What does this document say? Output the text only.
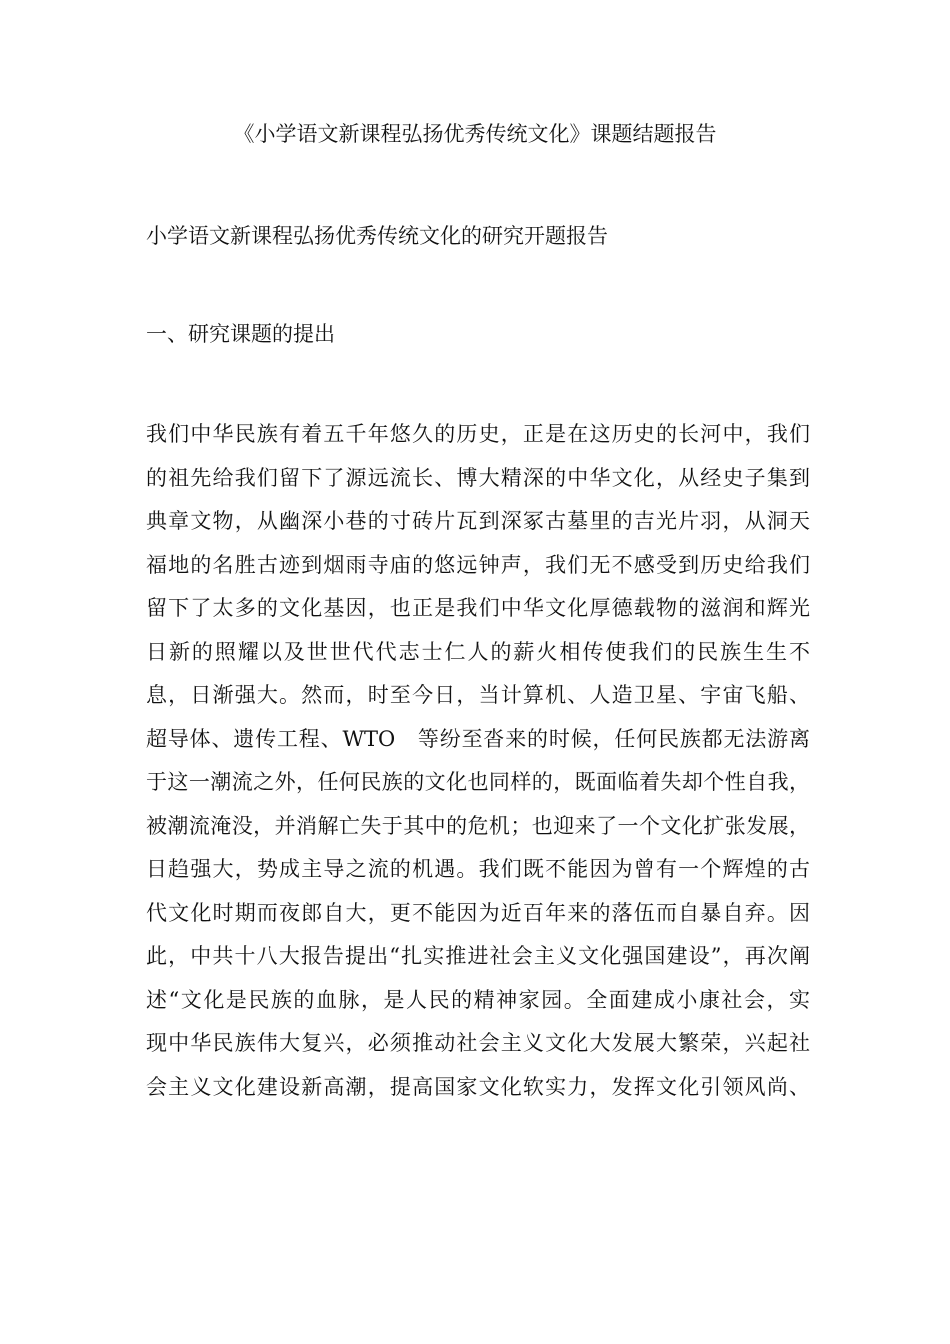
《小学语文新课程弘扬优秀传统文化》课题结题报告
小学语文新课程弘扬优秀传统文化的研究开题报告
一、研究课题的提出
我们中华民族有着五千年悠久的历史，正是在这历史的长河中，我们
的祖先给我们留下了源远流长、博大精深的中华文化，从经史子集到
典章文物，从幽深小巷的寸砖片瓦到深冢古墓里的吉光片羽，从洞天
福地的名胜古迹到烟雨寺庙的悠远钟声，我们无不感受到历史给我们
留下了太多的文化基因，也正是我们中华文化厚德载物的滋润和辉光
日新的照耀以及世世代代志士仁人的薪火相传使我们的民族生生不
息，日渐强大。然而，时至今日，当计算机、人造卫星、宇宙飞船、
超导体、遗传工程、WTO　等纷至沓来的时候，任何民族都无法游离
于这一潮流之外，任何民族的文化也同样的，既面临着失却个性自我，
被潮流淹没，并消解亡失于其中的危机；也迎来了一个文化扩张发展，
日趋强大，势成主导之流的机遇。我们既不能因为曾有一个辉煌的古
代文化时期而夜郎自大，更不能因为近百年来的落伍而自暴自弃。因
此，中共十八大报告提出“扎实推进社会主义文化强国建设”，再次阐
述“文化是民族的血脉，是人民的精神家园。全面建成小康社会，实
现中华民族伟大复兴，必须推动社会主义文化大发展大繁荣，兴起社
会主义文化建设新高潮，提高国家文化软实力，发挥文化引领风尚、
